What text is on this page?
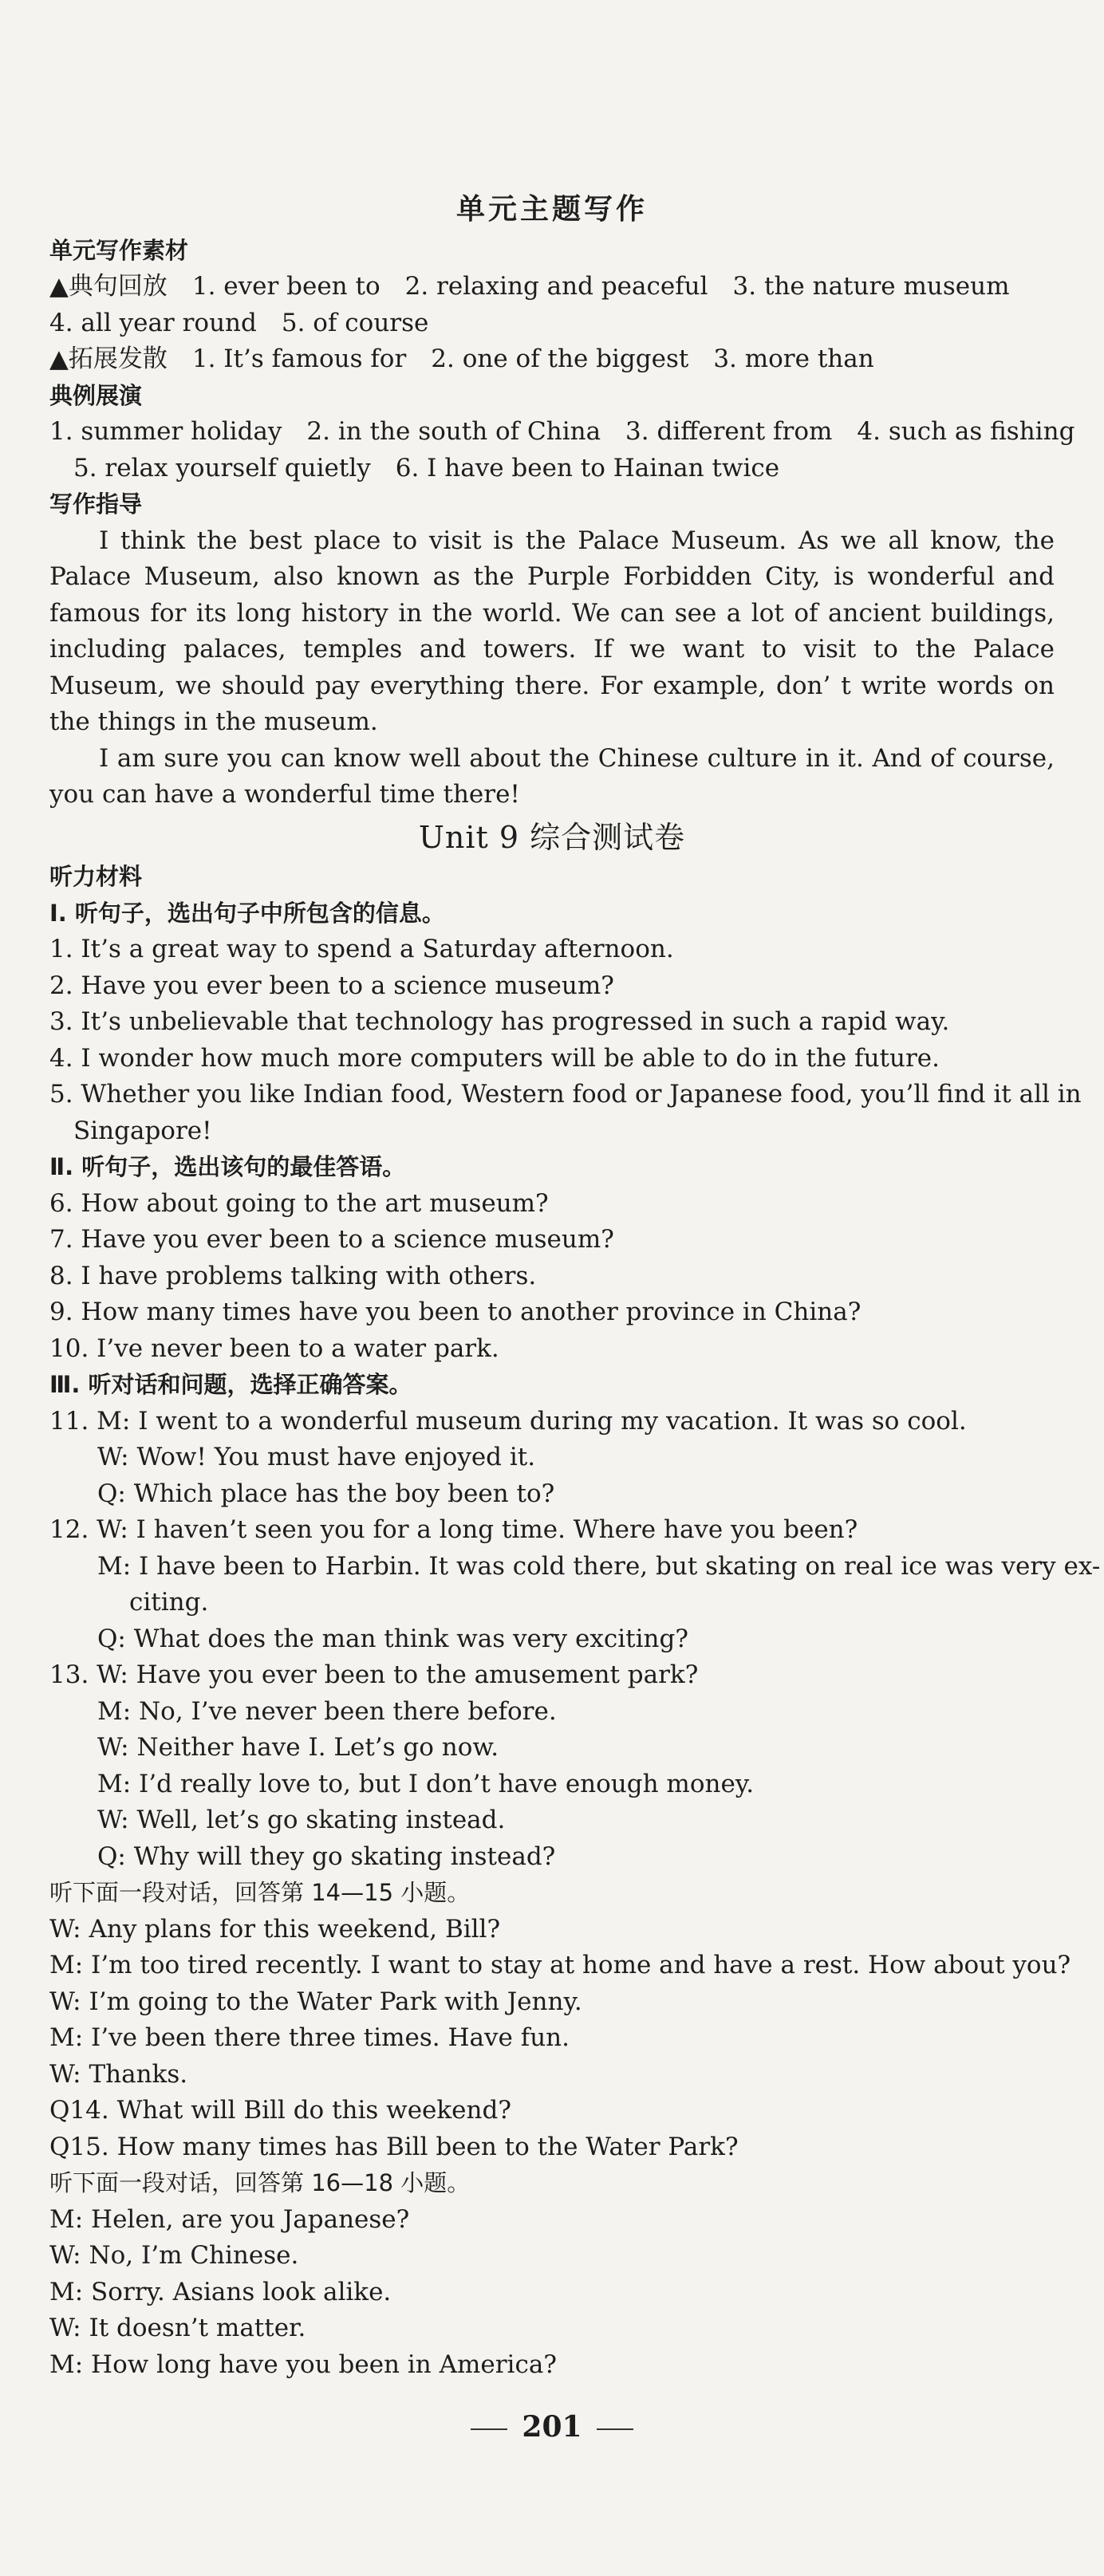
单元主题写作
单元写作素材
▲典句回放　1. ever been to　2. relaxing and peaceful　3. the nature museum
4. all year round　5. of course
▲拓展发散　1. It’s famous for　2. one of the biggest　3. more than
典例展演
1. summer holiday　2. in the south of China　3. different from　4. such as fishing
5. relax yourself quietly　6. I have been to Hainan twice
写作指导
I think the best place to visit is the Palace Museum. As we all know, the Palace Museum, also known as the Purple Forbidden City, is wonderful and famous for its long history in the world. We can see a lot of ancient buildings, including palaces, temples and towers. If we want to visit to the Palace Museum, we should pay everything there. For example, don’ t write words on the things in the museum.
I am sure you can know well about the Chinese culture in it. And of course, you can have a wonderful time there!
Unit 9 综合测试卷
听力材料
Ⅰ. 听句子，选出句子中所包含的信息。
1. It’s a great way to spend a Saturday afternoon.
2. Have you ever been to a science museum?
3. It’s unbelievable that technology has progressed in such a rapid way.
4. I wonder how much more computers will be able to do in the future.
5. Whether you like Indian food, Western food or Japanese food, you’ll find it all in
Singapore!
Ⅱ. 听句子，选出该句的最佳答语。
6. How about going to the art museum?
7. Have you ever been to a science museum?
8. I have problems talking with others.
9. How many times have you been to another province in China?
10. I’ve never been to a water park.
Ⅲ. 听对话和问题，选择正确答案。
11. M: I went to a wonderful museum during my vacation. It was so cool.
W: Wow! You must have enjoyed it.
Q: Which place has the boy been to?
12. W: I haven’t seen you for a long time. Where have you been?
M: I have been to Harbin. It was cold there, but skating on real ice was very ex-
citing.
Q: What does the man think was very exciting?
13. W: Have you ever been to the amusement park?
M: No, I’ve never been there before.
W: Neither have I. Let’s go now.
M: I’d really love to, but I don’t have enough money.
W: Well, let’s go skating instead.
Q: Why will they go skating instead?
听下面一段对话，回答第 14—15 小题。
W: Any plans for this weekend, Bill?
M: I’m too tired recently. I want to stay at home and have a rest. How about you?
W: I’m going to the Water Park with Jenny.
M: I’ve been there three times. Have fun.
W: Thanks.
Q14. What will Bill do this weekend?
Q15. How many times has Bill been to the Water Park?
听下面一段对话，回答第 16—18 小题。
M: Helen, are you Japanese?
W: No, I’m Chinese.
M: Sorry. Asians look alike.
W: It doesn’t matter.
M: How long have you been in America?
201
